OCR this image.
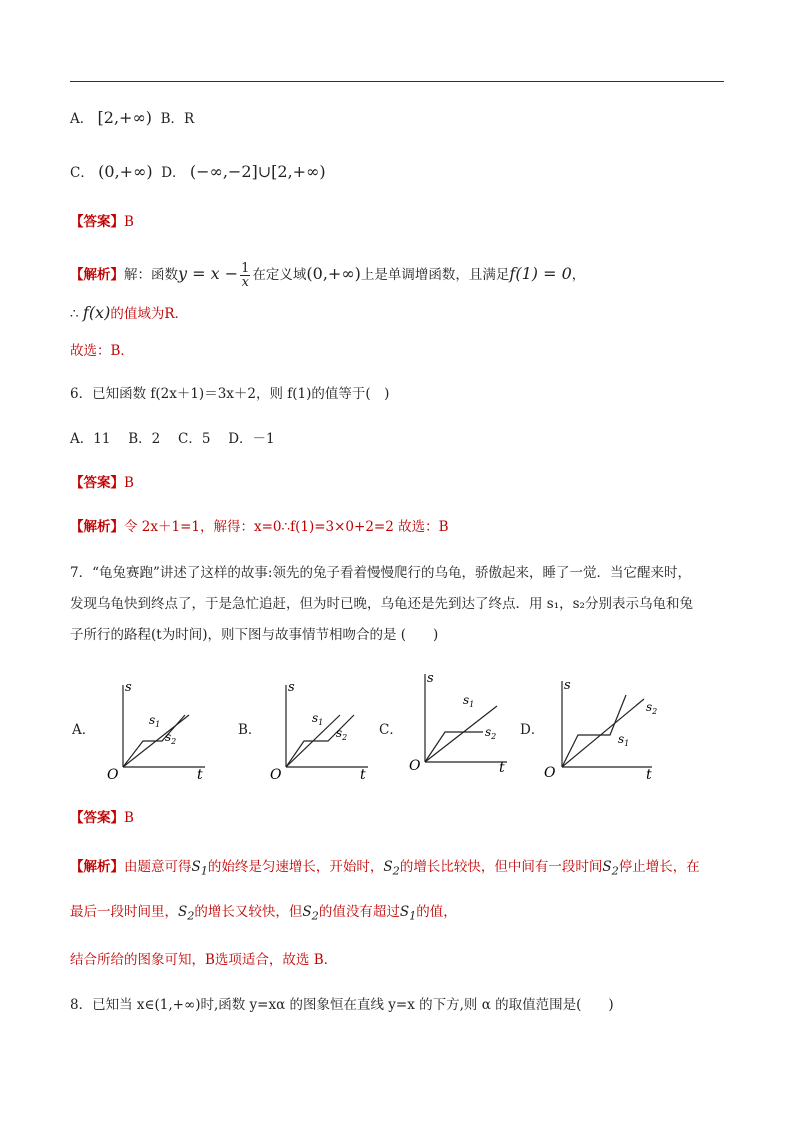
A． [2,+∞) B．R
C． (0,+∞) D． (−∞,−2]∪[2,+∞)
【答案】B
【解析】解：函数$y = x - \frac{1}{x}$ 在定义域(0,+∞)上是单调增函数，且满足f(1) = 0，
∴ f(x)的值域为R．
故选：B．
6．已知函数 f(2x＋1)＝3x＋2，则 f(1)的值等于(　)
A．11　 B．2　 C．5　 D．－1
【答案】B
【解析】令 2x＋1=1，解得：x=0∴f(1)=3×0+2=2 故选：B
7．“龟兔赛跑”讲述了这样的故事:领先的兔子看着慢慢爬行的乌龟，骄傲起来，睡了一觉．当它醒来时，
发现乌龟快到终点了，于是急忙追赶，但为时已晚，乌龟还是先到达了终点．用 s₁，s₂分别表示乌龟和兔
子所行的路程(t为时间)，则下图与故事情节相吻合的是 (　　)
A．	B．	C．	D．
s
t
O
$s_1$
$s_2$
s
t
O
$s_1$
$s_2$
s
t
O
$s_1$
$s_2$
s
t
O
$s_2$
$s_1$
【答案】B
【解析】由题意可得$S_1$的始终是匀速增长，开始时，$S_2$的增长比较快，但中间有一段时间$S_2$停止增长，在
最后一段时间里，$S_2$的增长又较快，但$S_2$的值没有超过$S_1$的值，
结合所给的图象可知，B选项适合，故选 B．
8．已知当 x∈(1,+∞)时,函数 y=xα 的图象恒在直线 y=x 的下方,则 α 的取值范围是(　　)
